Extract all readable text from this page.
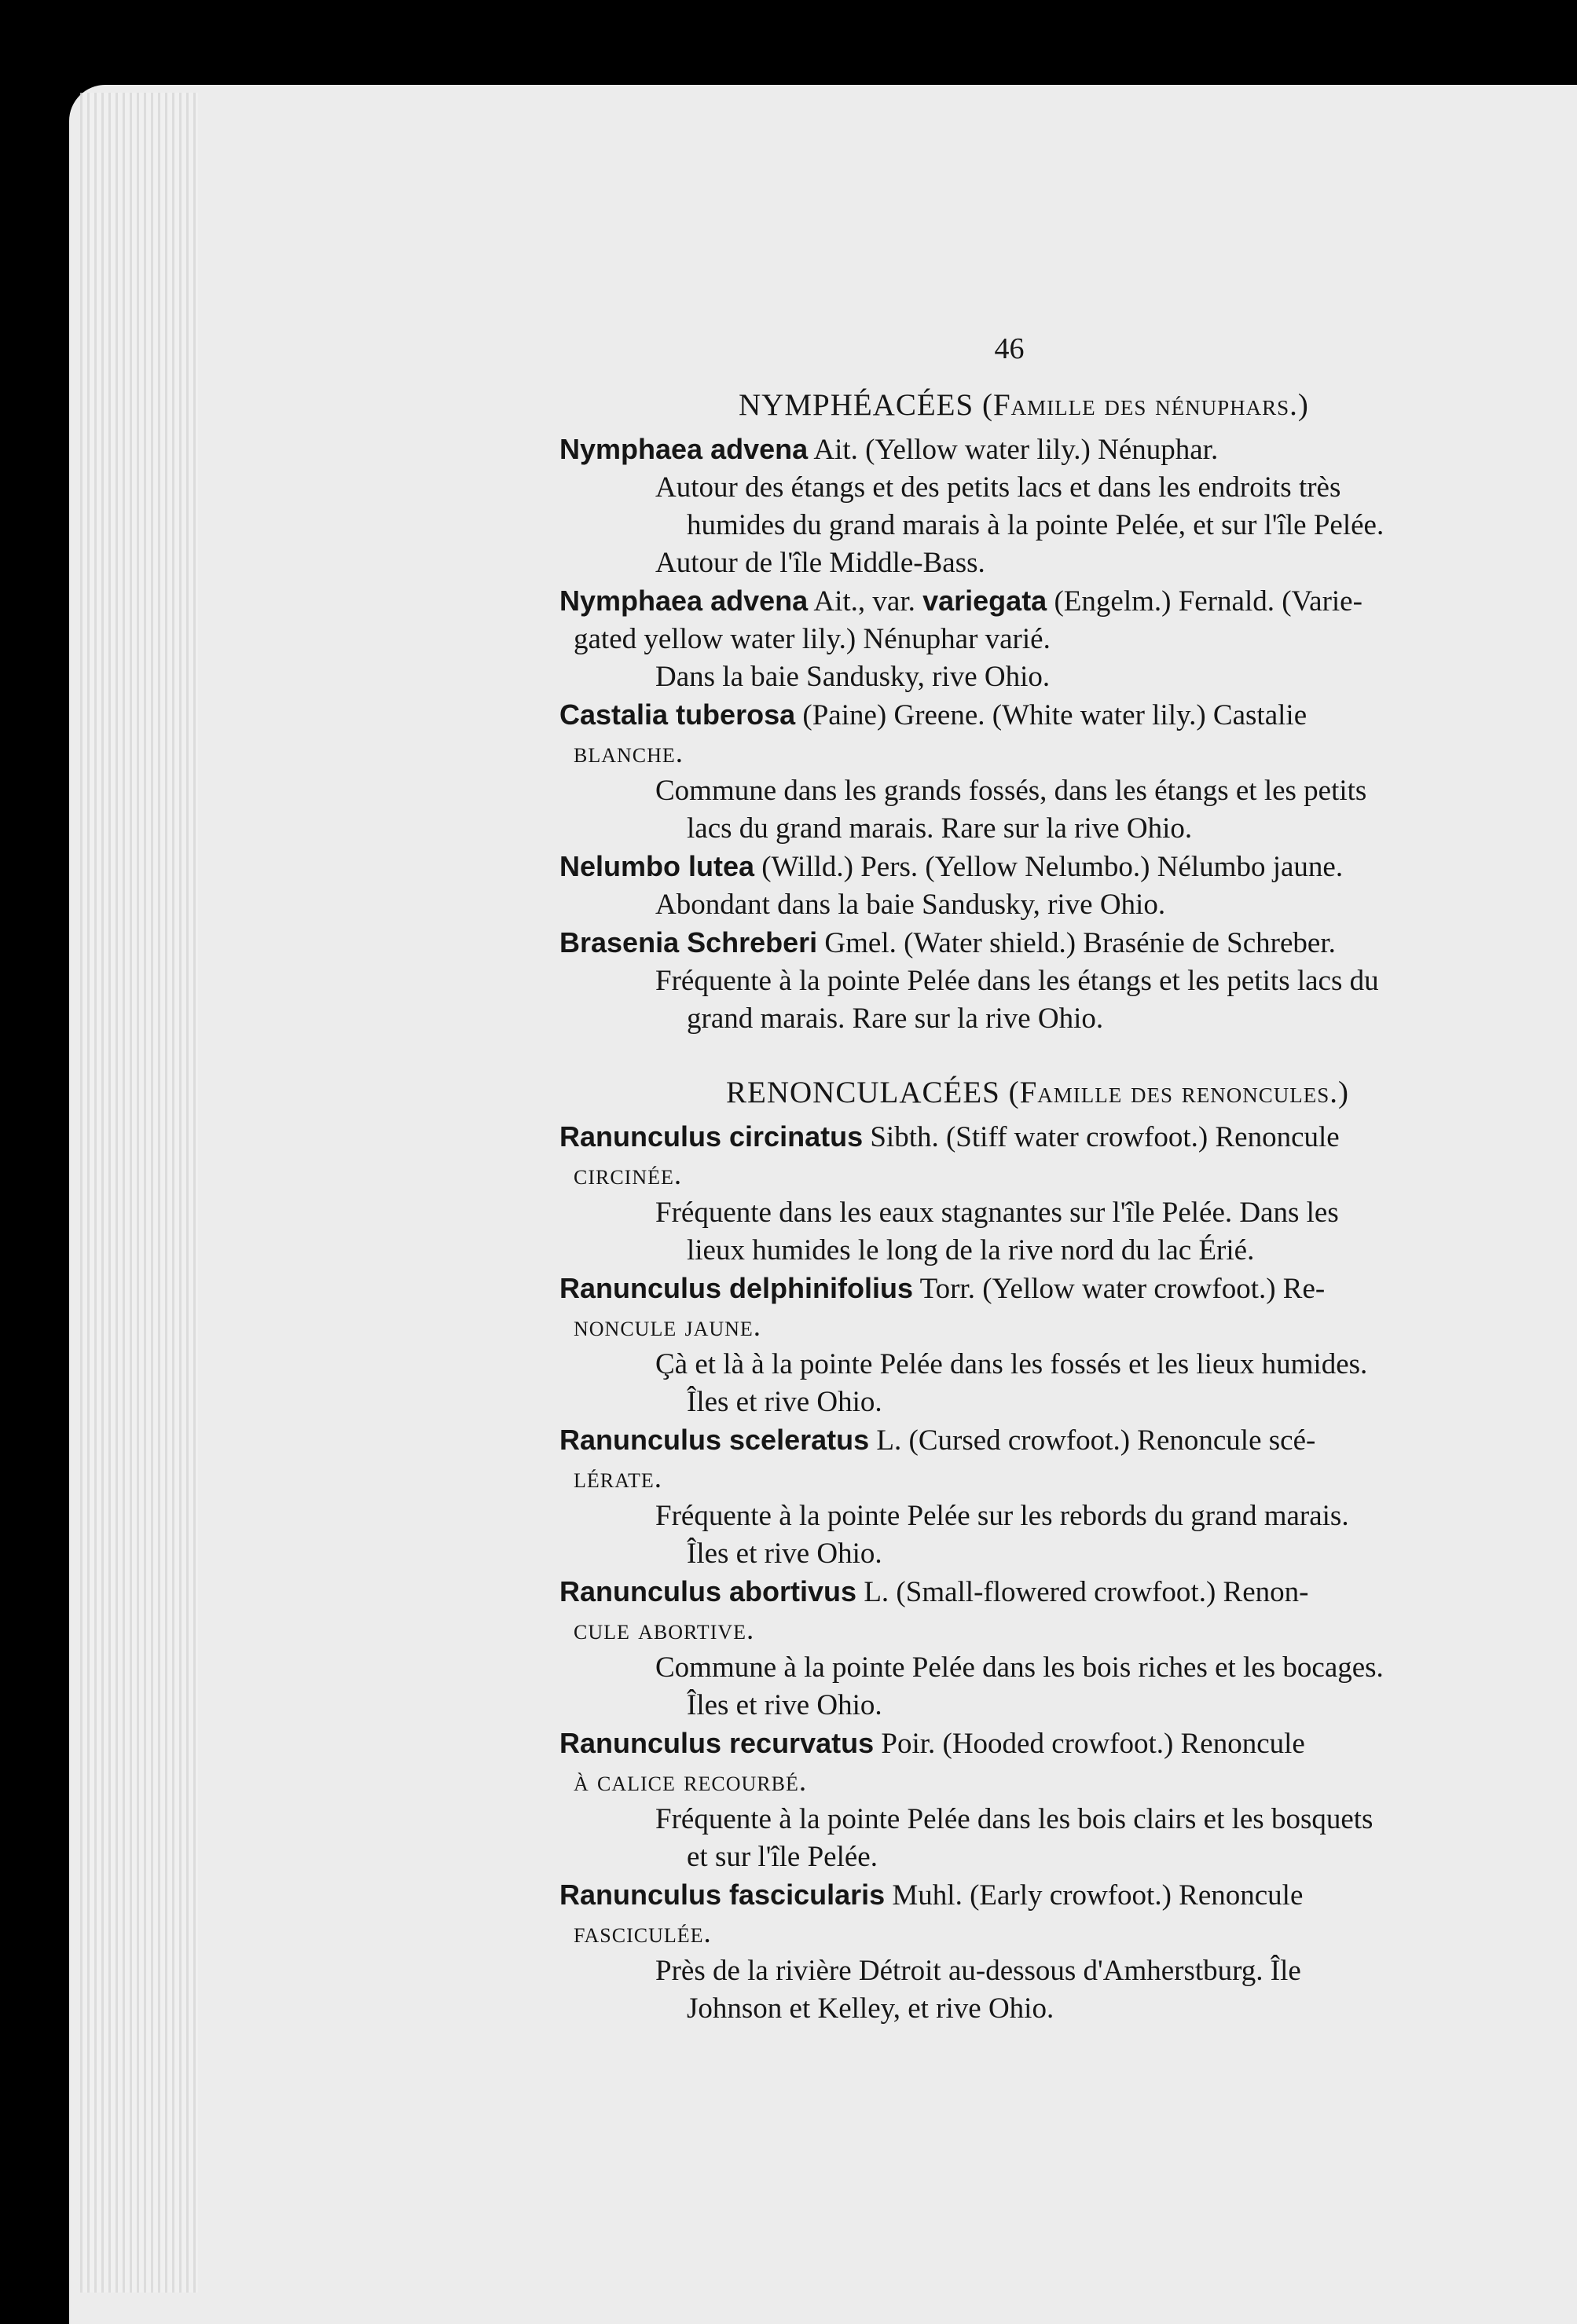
46
NYMPHÉACÉES (Famille des nénuphars.)
Nymphaea advena Ait. (Yellow water lily.) Nénuphar.
Autour des étangs et des petits lacs et dans les endroits très
humides du grand marais à la pointe Pelée, et sur l'île Pelée.
Autour de l'île Middle-Bass.
Nymphaea advena Ait., var. variegata (Engelm.) Fernald. (Varie-
gated yellow water lily.) Nénuphar varié.
Dans la baie Sandusky, rive Ohio.
Castalia tuberosa (Paine) Greene. (White water lily.) Castalie
blanche.
Commune dans les grands fossés, dans les étangs et les petits
lacs du grand marais. Rare sur la rive Ohio.
Nelumbo lutea (Willd.) Pers. (Yellow Nelumbo.) Nélumbo jaune.
Abondant dans la baie Sandusky, rive Ohio.
Brasenia Schreberi Gmel. (Water shield.) Brasénie de Schreber.
Fréquente à la pointe Pelée dans les étangs et les petits lacs du
grand marais. Rare sur la rive Ohio.
RENONCULACÉES (Famille des renoncules.)
Ranunculus circinatus Sibth. (Stiff water crowfoot.) Renoncule
circinée.
Fréquente dans les eaux stagnantes sur l'île Pelée. Dans les
lieux humides le long de la rive nord du lac Érié.
Ranunculus delphinifolius Torr. (Yellow water crowfoot.) Re-
noncule jaune.
Çà et là à la pointe Pelée dans les fossés et les lieux humides.
Îles et rive Ohio.
Ranunculus sceleratus L. (Cursed crowfoot.) Renoncule scé-
lérate.
Fréquente à la pointe Pelée sur les rebords du grand marais.
Îles et rive Ohio.
Ranunculus abortivus L. (Small-flowered crowfoot.) Renon-
cule abortive.
Commune à la pointe Pelée dans les bois riches et les bocages.
Îles et rive Ohio.
Ranunculus recurvatus Poir. (Hooded crowfoot.) Renoncule
à calice recourbé.
Fréquente à la pointe Pelée dans les bois clairs et les bosquets
et sur l'île Pelée.
Ranunculus fascicularis Muhl. (Early crowfoot.) Renoncule
fasciculée.
Près de la rivière Détroit au-dessous d'Amherstburg. Île
Johnson et Kelley, et rive Ohio.
